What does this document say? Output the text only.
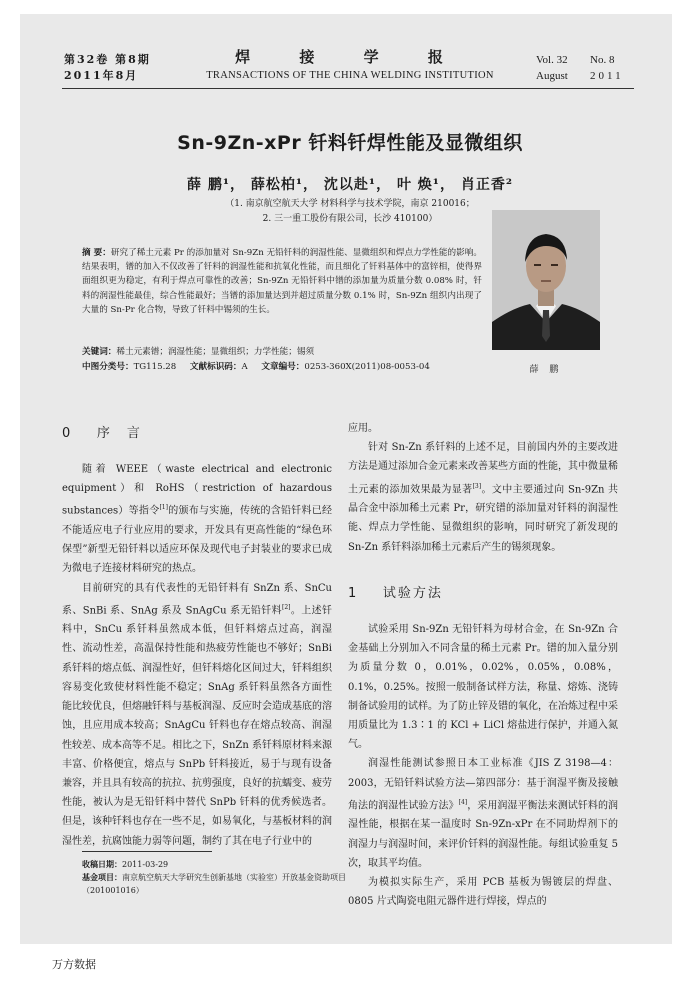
第32卷 第8期
2011年8月
焊 接 学 报
TRANSACTIONS OF THE CHINA WELDING INSTITUTION
Vol. 32 No. 8
August 2011
Sn-9Zn-xPr 钎料钎焊性能及显微组织
薛 鹏¹， 薛松柏¹， 沈以赴¹， 叶 焕¹， 肖正香²
（1. 南京航空航天大学 材料科学与技术学院，南京 210016；
2. 三一重工股份有限公司，长沙 410100）
摘 要：研究了稀土元素 Pr 的添加量对 Sn-9Zn 无铅钎料的润湿性能、显微组织和焊点力学性能的影响。结果表明，镨的加入不仅改善了钎料的润湿性能和抗氧化性能，而且细化了钎料基体中的富锌相，使得界面组织更为稳定，有利于焊点可靠性的改善；Sn-9Zn 无铅钎料中镨的添加量为质量分数 0.08% 时，钎料的润湿性能最佳，综合性能最好；当镨的添加量达到并超过质量分数 0.1% 时，Sn-9Zn 组织内出现了大量的 Sn-Pr 化合物，导致了钎料中锡须的生长。
关键词：稀土元素镨；润湿性能；显微组织；力学性能；锡须
中图分类号：TG115.28 文献标识码：A 文章编号：0253-360X(2011)08-0053-04	薛 鹏
0 序　言

随着 WEEE（waste electrical and electronic equipment）和 RoHS（restriction of hazardous substances）等指令[1]的颁布与实施，传统的含铅钎料已经不能适应电子行业应用的要求，开发具有更高性能的“绿色环保型”新型无铅钎料以适应环保及现代电子封装业的要求已成为微电子连接材料研究的热点。

目前研究的具有代表性的无铅钎料有 SnZn 系、SnCu 系、SnBi 系、SnAg 系及 SnAgCu 系无铅钎料[2]。上述钎料中，SnCu 系钎料虽然成本低，但钎料熔点过高，润湿性、流动性差，高温保持性能和热疲劳性能也不够好；SnBi 系钎料的熔点低、润湿性好，但钎料熔化区间过大，钎料组织容易变化致使材料性能不稳定；SnAg 系钎料虽然各方面性能比较优良，但熔融钎料与基板润湿、反应时会造成基底的溶蚀，且应用成本较高；SnAgCu 钎料也存在熔点较高、润湿性较差、成本高等不足。相比之下，SnZn 系钎料原材料来源丰富、价格便宜，熔点与 SnPb 钎料接近，易于与现有设备兼容，并且具有较高的抗拉、抗剪强度，良好的抗蠕变、疲劳性能，被认为是无铅钎料中替代 SnPb 钎料的优秀候选者。但是，该种钎料也存在一些不足，如易氧化，与基板材料的润湿性差，抗腐蚀能力弱等问题，制约了其在电子行业中的

应用。

针对 Sn-Zn 系钎料的上述不足，目前国内外的主要改进方法是通过添加合金元素来改善某些方面的性能，其中微量稀土元素的添加效果最为显著[3]。文中主要通过向 Sn-9Zn 共晶合金中添加稀土元素 Pr，研究镨的添加量对钎料的润湿性能、焊点力学性能、显微组织的影响，同时研究了新发现的 Sn-Zn 系钎料添加稀土元素后产生的锡须现象。

1 试验方法

试验采用 Sn-9Zn 无铅钎料为母材合金，在 Sn-9Zn 合金基础上分别加入不同含量的稀土元素 Pr。镨的加入量分别为质量分数 0，0.01%，0.02%，0.05%，0.08%，0.1%，0.25%。按照一般制备试样方法，称量、熔炼、浇铸制备试验用的试样。为了防止锌及镨的氧化，在冶炼过程中采用质量比为 1.3∶1 的 KCl + LiCl 熔盐进行保护，并通入氮气。

润湿性能测试参照日本工业标准《JIS Z 3198—4：2003，无铅钎料试验方法—第四部分：基于润湿平衡及接触角法的润湿性试验方法》[4]，采用润湿平衡法来测试钎料的润湿性能，根据在某一温度时 Sn-9Zn-xPr 在不同助焊剂下的润湿力与润湿时间，来评价钎料的润湿性能。每组试验重复 5 次，取其平均值。

为模拟实际生产，采用 PCB 基板为锡镀层的焊盘、0805 片式陶瓷电阻元器件进行焊接，焊点的

收稿日期：2011-03-29
基金项目：南京航空航天大学研究生创新基地（实验室）开放基金资助项目（201001016）
万方数据
